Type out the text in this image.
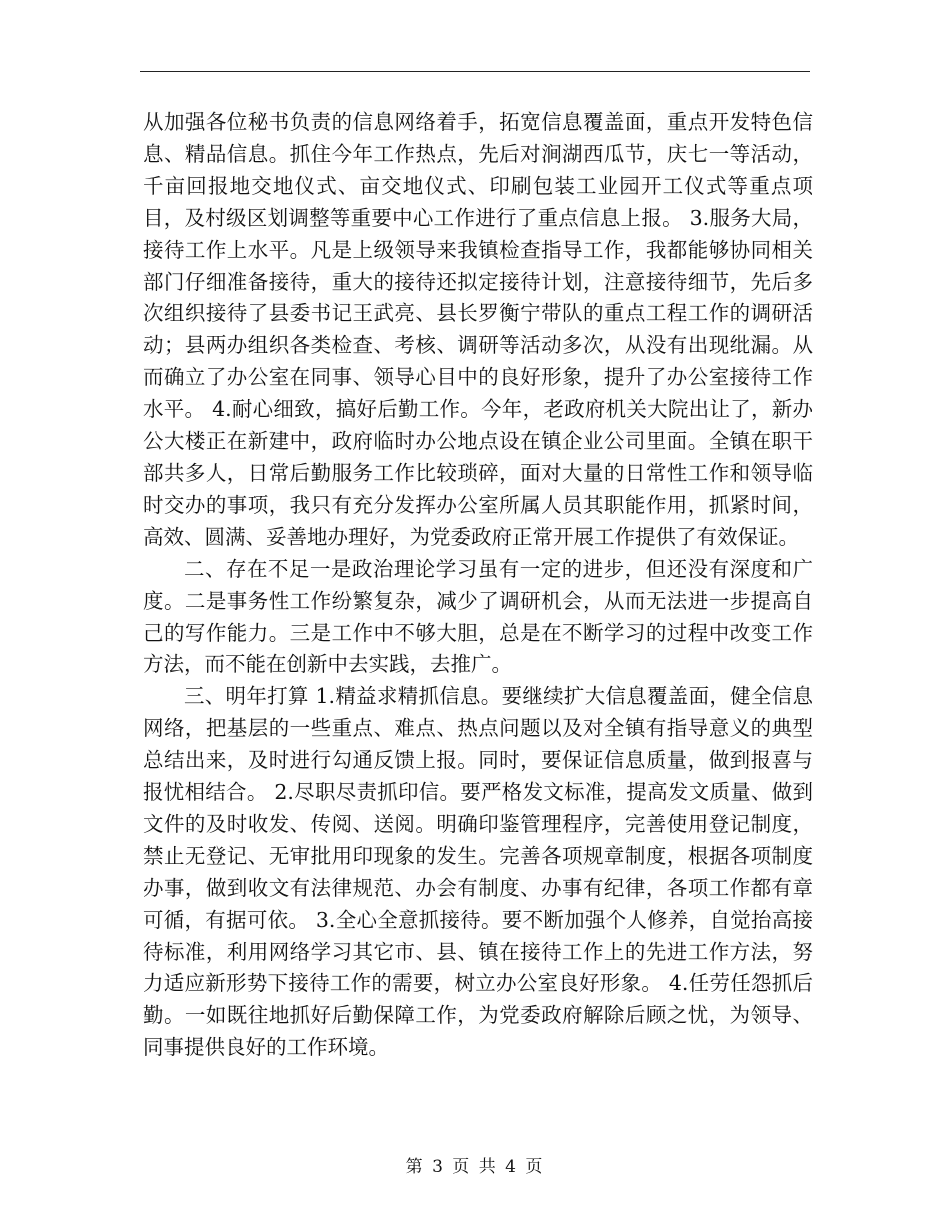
从加强各位秘书负责的信息网络着手，拓宽信息覆盖面，重点开发特色信息、精品信息。抓住今年工作热点，先后对涧湖西瓜节，庆七一等活动，千亩回报地交地仪式、亩交地仪式、印刷包装工业园开工仪式等重点项目，及村级区划调整等重要中心工作进行了重点信息上报。 3.服务大局，接待工作上水平。凡是上级领导来我镇检查指导工作，我都能够协同相关部门仔细准备接待，重大的接待还拟定接待计划，注意接待细节，先后多次组织接待了县委书记王武亮、县长罗衡宁带队的重点工程工作的调研活动；县两办组织各类检查、考核、调研等活动多次，从没有出现纰漏。从而确立了办公室在同事、领导心目中的良好形象，提升了办公室接待工作水平。 4.耐心细致，搞好后勤工作。今年，老政府机关大院出让了，新办公大楼正在新建中，政府临时办公地点设在镇企业公司里面。全镇在职干部共多人，日常后勤服务工作比较琐碎，面对大量的日常性工作和领导临时交办的事项，我只有充分发挥办公室所属人员其职能作用，抓紧时间，高效、圆满、妥善地办理好，为党委政府正常开展工作提供了有效保证。

二、存在不足一是政治理论学习虽有一定的进步，但还没有深度和广度。二是事务性工作纷繁复杂，减少了调研机会，从而无法进一步提高自己的写作能力。三是工作中不够大胆，总是在不断学习的过程中改变工作方法，而不能在创新中去实践，去推广。

三、明年打算 1.精益求精抓信息。要继续扩大信息覆盖面，健全信息网络，把基层的一些重点、难点、热点问题以及对全镇有指导意义的典型总结出来，及时进行勾通反馈上报。同时，要保证信息质量，做到报喜与报忧相结合。 2.尽职尽责抓印信。要严格发文标准，提高发文质量、做到文件的及时收发、传阅、送阅。明确印鉴管理程序，完善使用登记制度，禁止无登记、无审批用印现象的发生。完善各项规章制度，根据各项制度办事，做到收文有法律规范、办会有制度、办事有纪律，各项工作都有章可循，有据可依。 3.全心全意抓接待。要不断加强个人修养，自觉抬高接待标准，利用网络学习其它市、县、镇在接待工作上的先进工作方法，努力适应新形势下接待工作的需要，树立办公室良好形象。 4.任劳任怨抓后勤。一如既往地抓好后勤保障工作，为党委政府解除后顾之忧，为领导、同事提供良好的工作环境。

第 3 页 共 4 页
